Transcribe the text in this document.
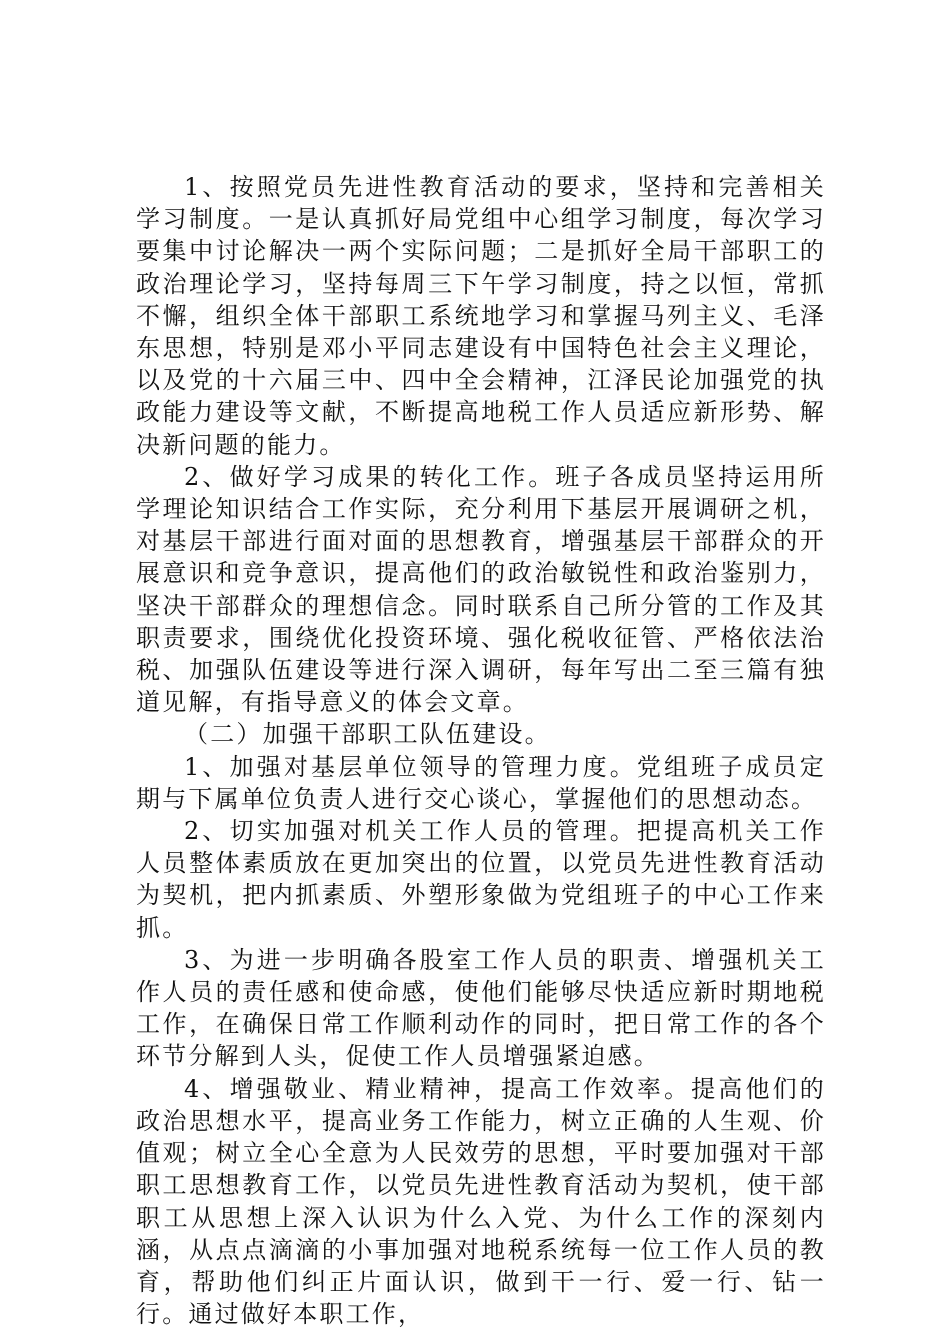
1、按照党员先进性教育活动的要求，坚持和完善相关学习制度。一是认真抓好局党组中心组学习制度，每次学习要集中讨论解决一两个实际问题；二是抓好全局干部职工的政治理论学习，坚持每周三下午学习制度，持之以恒，常抓不懈，组织全体干部职工系统地学习和掌握马列主义、毛泽东思想，特别是邓小平同志建设有中国特色社会主义理论，以及党的十六届三中、四中全会精神，江泽民论加强党的执政能力建设等文献，不断提高地税工作人员适应新形势、解决新问题的能力。

2、做好学习成果的转化工作。班子各成员坚持运用所学理论知识结合工作实际，充分利用下基层开展调研之机，对基层干部进行面对面的思想教育，增强基层干部群众的开展意识和竞争意识，提高他们的政治敏锐性和政治鉴别力，坚决干部群众的理想信念。同时联系自己所分管的工作及其职责要求，围绕优化投资环境、强化税收征管、严格依法治税、加强队伍建设等进行深入调研，每年写出二至三篇有独道见解，有指导意义的体会文章。

（二）加强干部职工队伍建设。

1、加强对基层单位领导的管理力度。党组班子成员定期与下属单位负责人进行交心谈心，掌握他们的思想动态。

2、切实加强对机关工作人员的管理。把提高机关工作人员整体素质放在更加突出的位置，以党员先进性教育活动为契机，把内抓素质、外塑形象做为党组班子的中心工作来抓。

3、为进一步明确各股室工作人员的职责、增强机关工作人员的责任感和使命感，使他们能够尽快适应新时期地税工作，在确保日常工作顺利动作的同时，把日常工作的各个环节分解到人头，促使工作人员增强紧迫感。

4、增强敬业、精业精神，提高工作效率。提高他们的政治思想水平，提高业务工作能力，树立正确的人生观、价值观；树立全心全意为人民效劳的思想，平时要加强对干部职工思想教育工作，以党员先进性教育活动为契机，使干部职工从思想上深入认识为什么入党、为什么工作的深刻内涵，从点点滴滴的小事加强对地税系统每一位工作人员的教育，帮助他们纠正片面认识，做到干一行、爱一行、钻一行。通过做好本职工作，
